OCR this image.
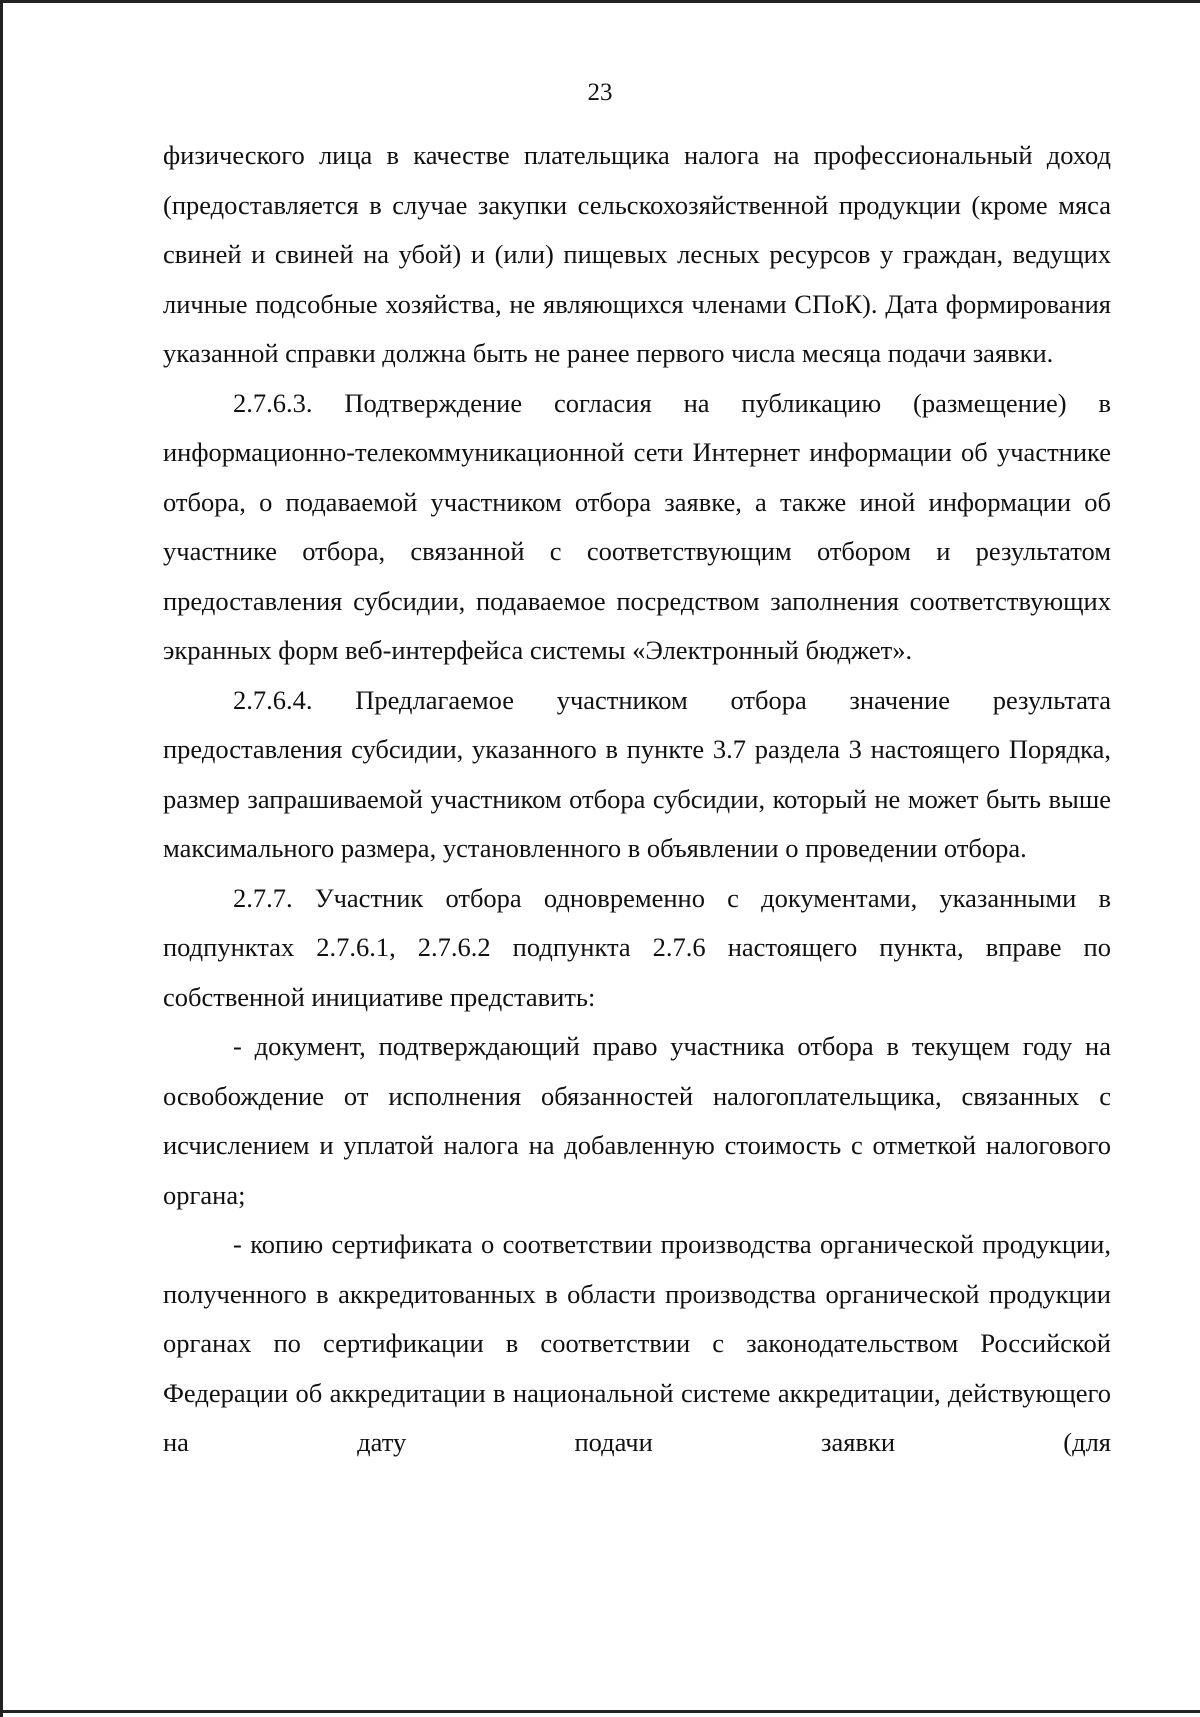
23

физического лица в качестве плательщика налога на профессиональный доход (предоставляется в случае закупки сельскохозяйственной продукции (кроме мяса свиней и свиней на убой) и (или) пищевых лесных ресурсов у граждан, ведущих личные подсобные хозяйства, не являющихся членами СПоК). Дата формирования указанной справки должна быть не ранее первого числа месяца подачи заявки.

2.7.6.3. Подтверждение согласия на публикацию (размещение) в информационно-телекоммуникационной сети Интернет информации об участнике отбора, о подаваемой участником отбора заявке, а также иной информации об участнике отбора, связанной с соответствующим отбором и результатом предоставления субсидии, подаваемое посредством заполнения соответствующих экранных форм веб-интерфейса системы «Электронный бюджет».

2.7.6.4. Предлагаемое участником отбора значение результата предоставления субсидии, указанного в пункте 3.7 раздела 3 настоящего Порядка, размер запрашиваемой участником отбора субсидии, который не может быть выше максимального размера, установленного в объявлении о проведении отбора.

2.7.7. Участник отбора одновременно с документами, указанными в подпунктах 2.7.6.1, 2.7.6.2 подпункта 2.7.6 настоящего пункта, вправе по собственной инициативе представить:

- документ, подтверждающий право участника отбора в текущем году на освобождение от исполнения обязанностей налогоплательщика, связанных с исчислением и уплатой налога на добавленную стоимость с отметкой налогового органа;

- копию сертификата о соответствии производства органической продукции, полученного в аккредитованных в области производства органической продукции органах по сертификации в соответствии с законодательством Российской Федерации об аккредитации в национальной системе аккредитации, действующего на дату подачи заявки (для
